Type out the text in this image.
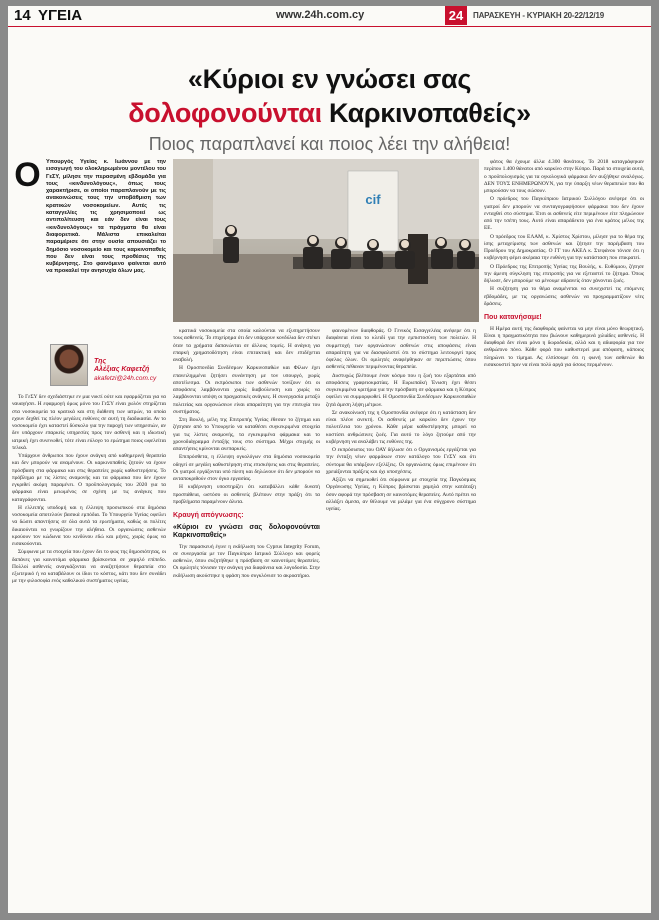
14 ΥΓΕΙΑ	www.24h.com.cy	24	ΠΑΡΑΣΚΕΥΗ - ΚΥΡΙΑΚΗ 20-22/12/19
«Κύριοι εν γνώσει σας
δολοφονούνται Καρκινοπαθείς»
Ποιος παραπλανεί και ποιος λέει την αλήθεια!
Ο Υπουργός Υγείας κ. Ιωάννου με την εισαγωγή του ολοκληρωμένου μοντέλου του ΓεΣΥ, μίλησε την περασμένη εβδομάδα για τους «κινδυνολόγους», όπως τους χαρακτήρισε, οι οποίοι παραπλανούν με τις ανακοινώσεις τους την υποβάθμιση των κρατικών νοσοκομείων. Αυτές τις καταγγελίες τις χρησιμοποιεί ως αντιπολίτευση και εάν δεν είναι τους «κινδυνολόγους» τα πράγματα θα είναι διαφορετικά. Μάλιστα επικαλείται παραμέρισε ότι στην ουσία απουσιάζει το δημόσιο νοσοκομείο και τους καρκινοπαθείς που δεν είναι τους προθέσεις της κυβέρνησης. Στο φαινόμενο φαίνεται αυτό να προκαλεί την ανησυχία όλων μας.
cif
Της
Αλέξιας Καφετζή
akafetzi@24h.com.cy

Το ΓεΣΥ δεν σχεδιάστηκε εν μια νυκτί ούτε και εφαρμόζεται για να ναυαγήσει. Η εφαρμογή όμως μόνο του ΓεΣΥ είναι χωλόν στηρίζεται στα νοσοκομεία τα κρατικά και στη διάθεση των ιατρών, τα οποία εχουν δεχθεί τις πλέον μεγάλες ευθύνες σε αυτή τη διαδικασία. Αν το νοσοκομείο έχει καταστεί δύσκολο για την παροχή των υπηρεσιών, αν δεν υπάρχουν επαρκείς υπηρεσίες προς τον ασθενή και η ιδιωτική ιατρική έχει συνενωθεί, τότε είναι εύλογο το ερώτημα ποιος ωφελείται τελικά.

Υπάρχουν άνθρωποι που έχουν ανάγκη από καθημερινή θεραπεία και δεν μπορούν να αναμένουν. Οι καρκινοπαθείς ζητούν να έχουν πρόσβαση στα φάρμακα και στις θεραπείες χωρίς καθυστερήσεις. Το πρόβλημα με τις λίστες αναμονής και τα φάρμακα που δεν έχουν εγκριθεί ακόμη παραμένει. Ο προϋπολογισμός του 2020 για τα φάρμακα είναι μειωμένος σε σχέση με τις ανάγκες που καταγράφονται.

Η ελλειπής υποδομή και η έλλειψη προσωπικού στα δημόσια νοσοκομεία αποτελούν βασικά εμπόδια. Το Υπουργείο Υγείας οφείλει να δώσει απαντήσεις σε όλα αυτά τα ερωτήματα, καθώς οι πολίτες δικαιούνται να γνωρίζουν την αλήθεια. Οι οργανώσεις ασθενών κρούουν τον κώδωνα του κινδύνου εδώ και μήνες, χωρίς όμως να εισακούονται.

Σύμφωνα με τα στοιχεία που έχουν δει το φως της δημοσιότητας, οι δαπάνες για καινοτόμα φάρμακα βρίσκονται σε χαμηλό επίπεδο. Πολλοί ασθενείς αναγκάζονται να αναζητήσουν θεραπεία στο εξωτερικό ή να καταβάλουν οι ίδιοι το κόστος, κάτι που δεν συνάδει με την φιλοσοφία ενός καθολικού συστήματος υγείας.

κρατικά νοσοκομεία στα οποία καλούνται να εξυπηρετήσουν τους ασθενείς. Το επιχείρημα ότι δεν υπάρχουν κονδύλια δεν στέκει όταν τα χρήματα δαπανώνται σε άλλους τομείς. Η ανάγκη για επαρκή χρηματοδότηση είναι επιτακτική και δεν επιδέχεται αναβολή.

Η Ομοσπονδία Συνδέσμων Καρκινοπαθών και Φίλων έχει επανειλημμένα ζητήσει συνάντηση με τον υπουργό, χωρίς αποτέλεσμα. Οι εκπρόσωποι των ασθενών τονίζουν ότι οι αποφάσεις λαμβάνονται χωρίς διαβούλευση και χωρίς να λαμβάνονται υπόψη οι πραγματικές ανάγκες. Η συνεργασία μεταξύ πολιτείας και οργανώσεων είναι απαραίτητη για την επιτυχία του συστήματος.

Στη Βουλή, μέλη της Επιτροπής Υγείας έθεσαν το ζήτημα και ζήτησαν από το Υπουργείο να καταθέσει συγκεκριμένα στοιχεία για τις λίστες αναμονής, τα εγκεκριμένα φάρμακα και το χρονοδιάγραμμα ένταξής τους στο σύστημα. Μέχρι στιγμής οι απαντήσεις κρίνονται ανεπαρκείς.

Επιπρόσθετα, η έλλειψη ογκολόγων στα δημόσια νοσοκομεία οδηγεί σε μεγάλη καθυστέρηση στις επισκέψεις και στις θεραπείες. Οι γιατροί εργάζονται υπό πίεση και δηλώνουν ότι δεν μπορούν να ανταποκριθούν στον όγκο εργασίας.

Η κυβέρνηση υποστηρίζει ότι καταβάλλει κάθε δυνατή προσπάθεια, ωστόσο οι ασθενείς βλέπουν στην πράξη ότι τα προβλήματα παραμένουν άλυτα.

Κραυγή απόγνωσης:

«Κύριοι εν γνώσει σας δολοφονούνται Καρκινοπαθείς»

Την παρασκευή έγινε η εκδήλωση του Cyprus Integrity Forum, σε συνεργασία με τον Παγκύπριο Ιατρικό Σύλλογο και φορείς ασθενών, όπου συζητήθηκε η πρόσβαση σε καινοτόμες θεραπείες. Οι ομιλητές τόνισαν την ανάγκη για διαφάνεια και λογοδοσία. Στην εκδήλωση ακούστηκε η φράση που συγκλόνισε το ακροατήριο.

φαινομένων διαφθοράς. Ο Γενικός Εισαγγελέας ανέφερε ότι η διαφάνεια είναι το κλειδί για την εμπιστοσύνη των πολιτών. Η συμμετοχή των οργανώσεων ασθενών στις αποφάσεις είναι απαραίτητη για να διασφαλιστεί ότι το σύστημα λειτουργεί προς όφελος όλων. Οι ομιλητές αναφέρθηκαν σε περιπτώσεις όπου ασθενείς πέθαναν περιμένοντας θεραπεία.

Δυστυχώς βλέπουμε έναν κόσμο που η ζωή του εξαρτάται από αποφάσεις γραφειοκρατίας. Η Ευρωπαϊκή Ένωση έχει θέσει συγκεκριμένα κριτήρια για την πρόσβαση σε φάρμακα και η Κύπρος οφείλει να συμμορφωθεί. Η Ομοσπονδία Συνδέσμων Καρκινοπαθών ζητά άμεση λήψη μέτρων.

Σε ανακοίνωσή της η Ομοσπονδία ανέφερε ότι η κατάσταση δεν είναι πλέον ανεκτή. Οι ασθενείς με καρκίνο δεν έχουν την πολυτέλεια του χρόνου. Κάθε μέρα καθυστέρησης μπορεί να κοστίσει ανθρώπινες ζωές. Για αυτό το λόγο ζητούμε από την κυβέρνηση να αναλάβει τις ευθύνες της.

Ο εκπρόσωπος του ΟΑΥ δήλωσε ότι ο Οργανισμός εργάζεται για την ένταξη νέων φαρμάκων στον κατάλογο του ΓεΣΥ και ότι σύντομα θα υπάρξουν εξελίξεις. Οι οργανώσεις όμως επιμένουν ότι χρειάζονται πράξεις και όχι υποσχέσεις.

Αξίζει να σημειωθεί ότι σύμφωνα με στοιχεία της Παγκόσμιας Οργάνωσης Υγείας, η Κύπρος βρίσκεται χαμηλά στην κατάταξη όσον αφορά την πρόσβαση σε καινοτόμες θεραπείες. Αυτό πρέπει να αλλάξει άμεσα, αν θέλουμε να μιλάμε για ένα σύγχρονο σύστημα υγείας.

φάτος θα έχουμε άλλα 4.300 θανάτους. Το 2018 καταγράφηκαν περίπου 1.400 θάνατοι από καρκίνο στην Κύπρο. Παρά τα στοιχεία αυτά, ο προϋπολογισμός για τα ογκολογικά φάρμακα δεν αυξήθηκε αναλόγως. ΔΕΝ ΤΟΥΣ ΕΝΗΜΕΡΩΝΟΥΝ, για την ύπαρξη νέων θεραπειών που θα μπορούσαν να τους σώσουν.

Ο πρόεδρος του Παγκύπριου Ιατρικού Συλλόγου ανέφερε ότι οι γιατροί δεν μπορούν να συνταγογραφήσουν φάρμακα που δεν έχουν ενταχθεί στο σύστημα. Έτσι οι ασθενείς είτε περιμένουν είτε πληρώνουν από την τσέπη τους. Αυτό είναι απαράδεκτο για ένα κράτος μέλος της ΕΕ.

Ο πρόεδρος του ΕΛΑΜ, κ. Χρίστος Χρίστου, μίλησε για το θέμα της ίσης μεταχείρισης των ασθενών και ζήτησε την παρέμβαση του Προέδρου της Δημοκρατίας. Ο ΓΓ του ΑΚΕΛ κ. Στεφάνου τόνισε ότι η κυβέρνηση φέρει ακέραια την ευθύνη για την κατάσταση που επικρατεί.

Ο Πρόεδρος της Επιτροπής Υγείας της Βουλής, κ. Ευθύμιου, ζήτησε την άμεση σύγκληση της επιτροπής για να εξεταστεί το ζήτημα. Όπως δήλωσε, δεν μπορούμε να μένουμε αδρανείς όταν χάνονται ζωές.

Η συζήτηση για το θέμα αναμένεται να συνεχιστεί τις επόμενες εβδομάδες, με τις οργανώσεις ασθενών να προγραμματίζουν νέες δράσεις.

Που κατανήσαμε!

Η Ημέρα αυτή της διαφθοράς φαίνεται να μην είναι μόνο θεωρητική. Είναι η πραγματικότητα που βιώνουν καθημερινά χιλιάδες ασθενείς. Η διαφθορά δεν είναι μόνο η δωροδοκία, αλλά και η αδιαφορία για τον ανθρώπινο πόνο. Κάθε φορά που καθυστερεί μια απόφαση, κάποιος πληρώνει το τίμημα. Ας ελπίσουμε ότι η φωνή των ασθενών θα εισακουστεί πριν να είναι πολύ αργά για όσους περιμένουν.
